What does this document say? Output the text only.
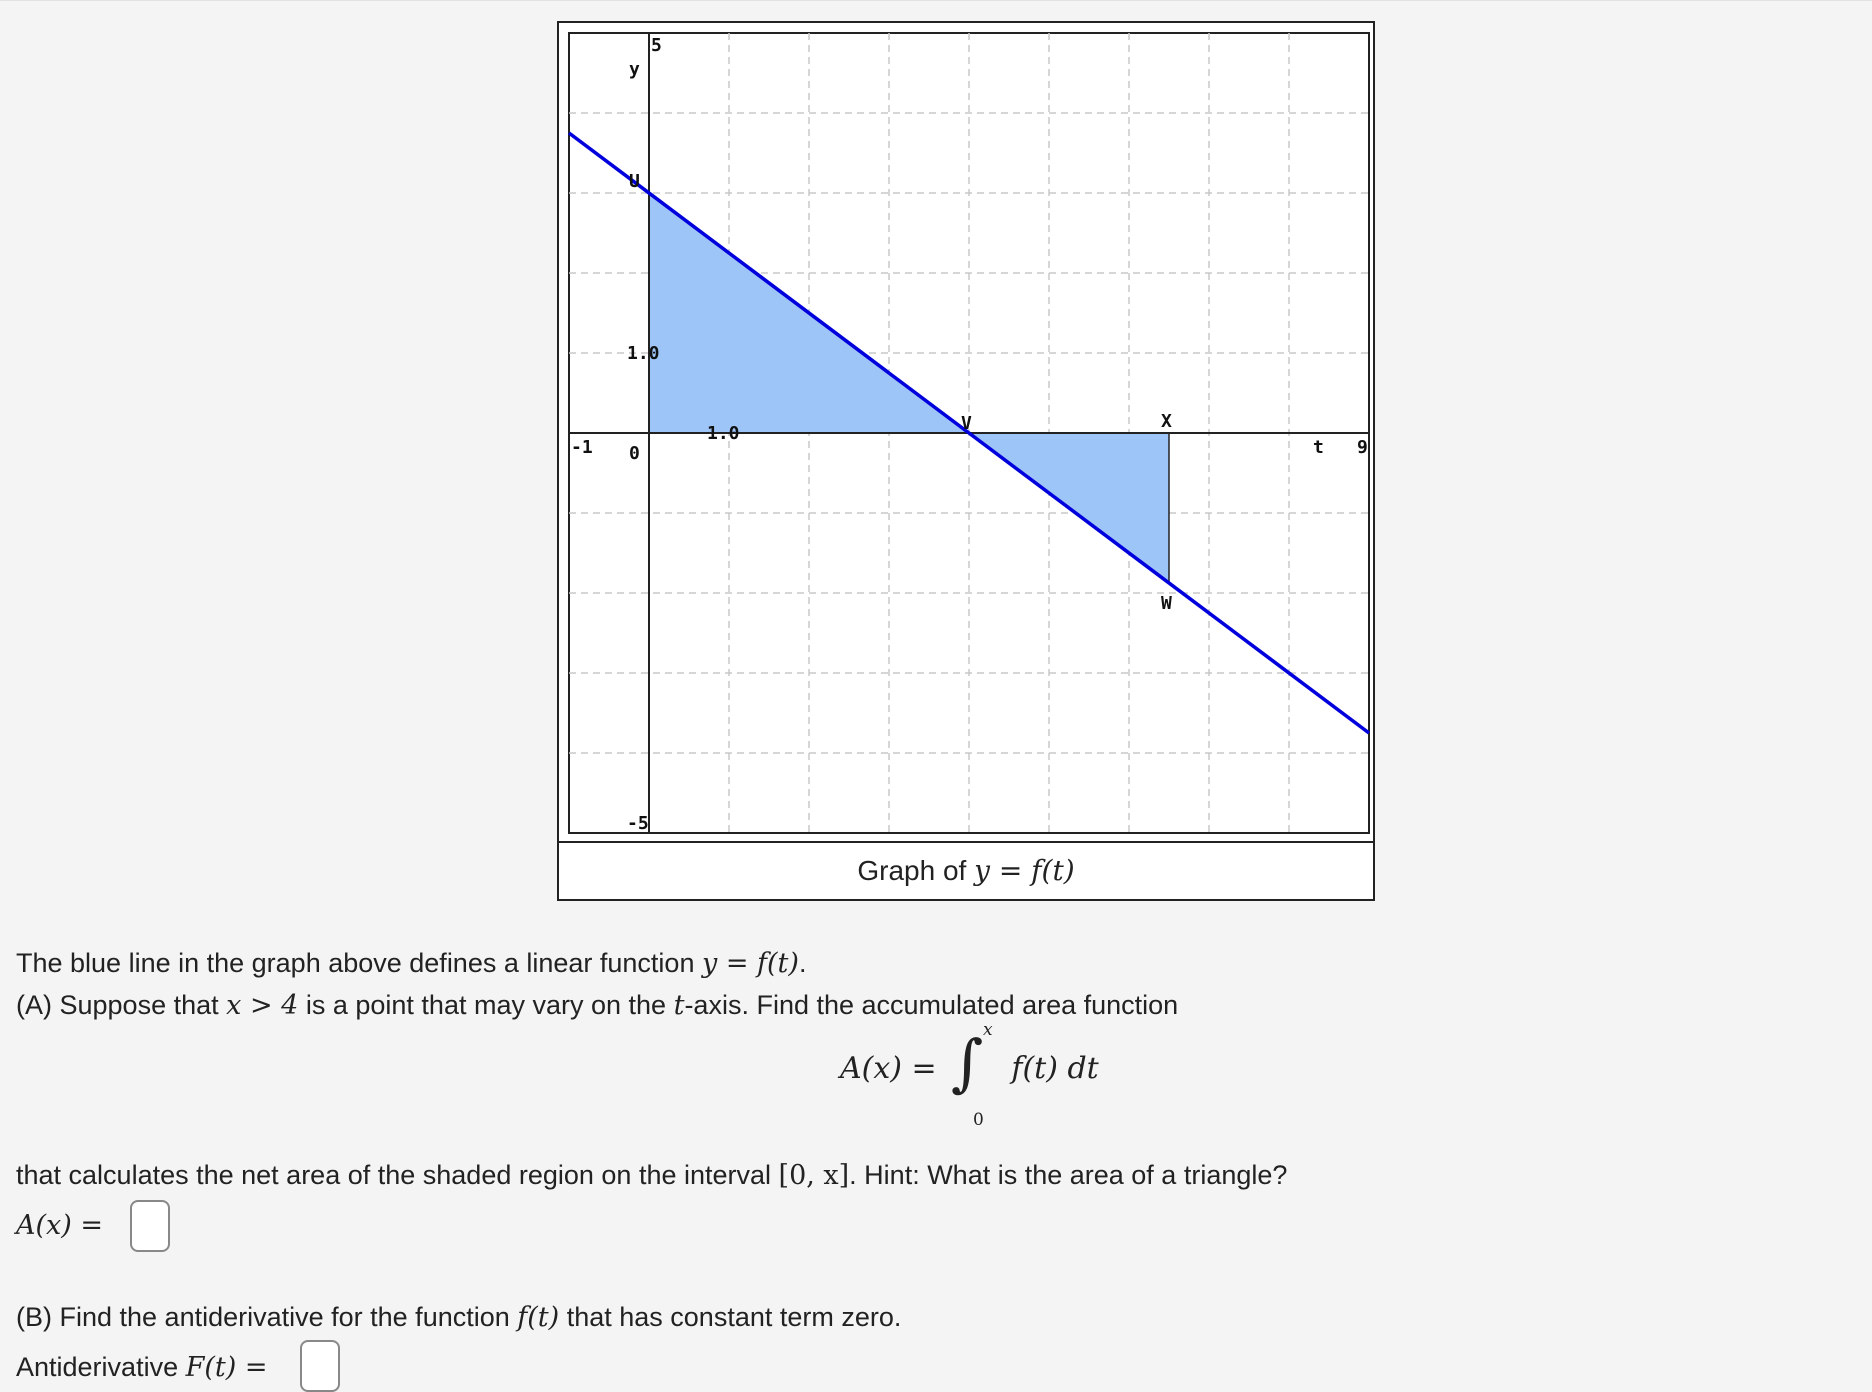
5
y
1.0
-5
-1 0
1.0
t 9
U
V	X
W
Graph of y = f(t)
The blue line in the graph above defines a linear function y = f(t).
(A) Suppose that x > 4 is a point that may vary on the t-axis. Find the accumulated area function
A(x) = ∫ x
0
f(t) dt
that calculates the net area of the shaded region on the interval [0, x]. Hint: What is the area of a triangle?
A(x) =
(B) Find the antiderivative for the function f(t) that has constant term zero.
Antiderivative F(t) =
